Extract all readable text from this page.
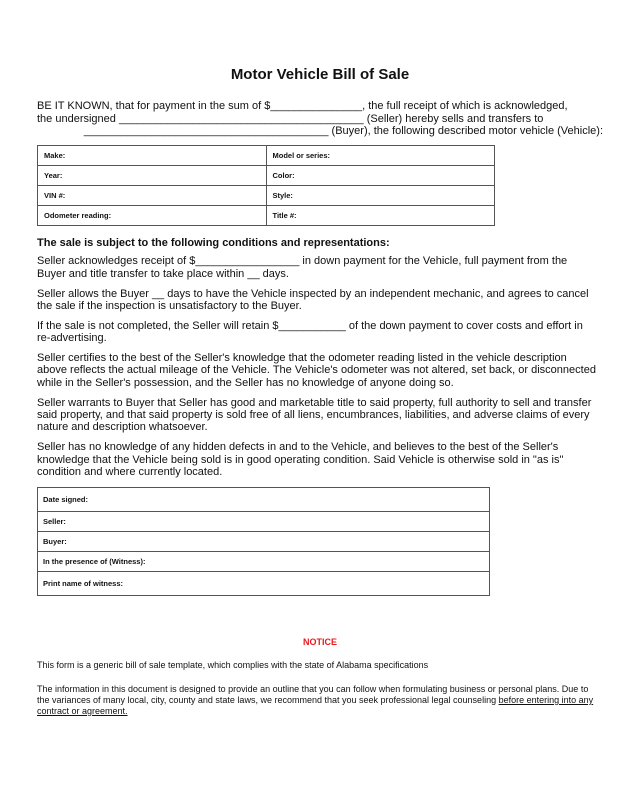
Motor Vehicle Bill of Sale

BE IT KNOWN, that for payment in the sum of $_______________, the full receipt of which is acknowledged,

the undersigned ________________________________________ (Seller) hereby sells and transfers to

________________________________________ (Buyer), the following described motor vehicle (Vehicle):

Make:	Model or series:
Year:	Color:
VIN #:	Style:
Odometer reading:	Title #:
The sale is subject to the following conditions and representations:

Seller acknowledges receipt of $_________________ in down payment for the Vehicle, full payment from the Buyer and title transfer to take place within __ days.

Seller allows the Buyer __ days to have the Vehicle inspected by an independent mechanic, and agrees to cancel the sale if the inspection is unsatisfactory to the Buyer.

If the sale is not completed, the Seller will retain $___________ of the down payment to cover costs and effort in re-advertising.

Seller certifies to the best of the Seller's knowledge that the odometer reading listed in the vehicle description above reflects the actual mileage of the Vehicle. The Vehicle's odometer was not altered, set back, or disconnected while in the Seller's possession, and the Seller has no knowledge of anyone doing so.

Seller warrants to Buyer that Seller has good and marketable title to said property, full authority to sell and transfer said property, and that said property is sold free of all liens, encumbrances, liabilities, and adverse claims of every nature and description whatsoever.

Seller has no knowledge of any hidden defects in and to the Vehicle, and believes to the best of the Seller's knowledge that the Vehicle being sold is in good operating condition. Said Vehicle is otherwise sold in "as is" condition and where currently located.

Date signed:
Seller:
Buyer:
In the presence of (Witness):
Print name of witness:
NOTICE

This form is a generic bill of sale template, which complies with the state of Alabama specifications

The information in this document is designed to provide an outline that you can follow when formulating business or personal plans. Due to the variances of many local, city, county and state laws, we recommend that you seek professional legal counseling before entering into any contract or agreement.
